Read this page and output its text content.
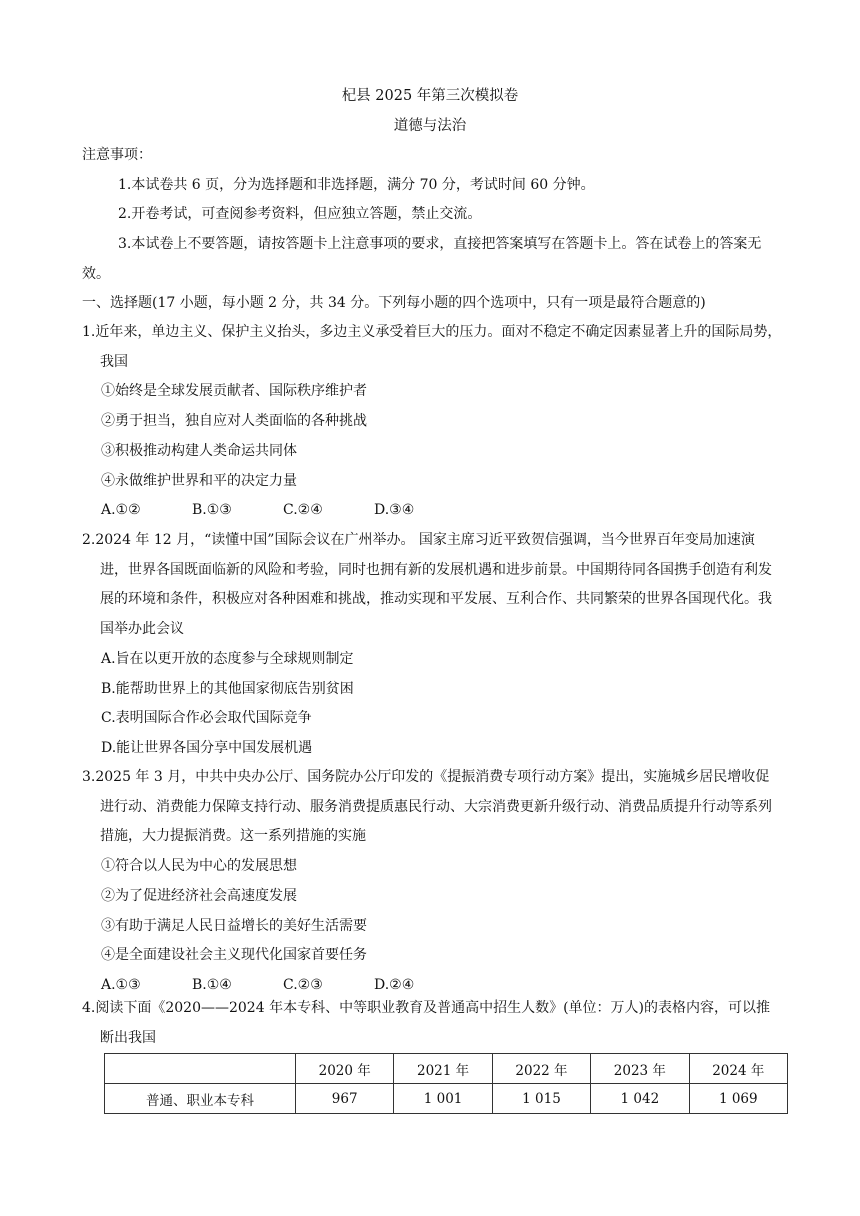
杞县 2025 年第三次模拟卷
道德与法治

注意事项：

1.本试卷共 6 页，分为选择题和非选择题，满分 70 分，考试时间 60 分钟。

2.开卷考试，可查阅参考资料，但应独立答题，禁止交流。

3.本试卷上不要答题，请按答题卡上注意事项的要求，直接把答案填写在答题卡上。答在试卷上的答案无效。

一、选择题(17 小题，每小题 2 分，共 34 分。下列每小题的四个选项中，只有一项是最符合题意的)

1.近年来，单边主义、保护主义抬头，多边主义承受着巨大的压力。面对不稳定不确定因素显著上升的国际局势，我国

①始终是全球发展贡献者、国际秩序维护者

②勇于担当，独自应对人类面临的各种挑战

③积极推动构建人类命运共同体

④永做维护世界和平的决定力量

A.①②	B.①③	C.②④	D.③④

2.2024 年 12 月，“读懂中国”国际会议在广州举办。 国家主席习近平致贺信强调，当今世界百年变局加速演进，世界各国既面临新的风险和考验，同时也拥有新的发展机遇和进步前景。中国期待同各国携手创造有利发展的环境和条件，积极应对各种困难和挑战，推动实现和平发展、互利合作、共同繁荣的世界各国现代化。我国举办此会议

A.旨在以更开放的态度参与全球规则制定

B.能帮助世界上的其他国家彻底告别贫困

C.表明国际合作必会取代国际竞争

D.能让世界各国分享中国发展机遇

3.2025 年 3 月，中共中央办公厅、国务院办公厅印发的《提振消费专项行动方案》提出，实施城乡居民增收促进行动、消费能力保障支持行动、服务消费提质惠民行动、大宗消费更新升级行动、消费品质提升行动等系列措施，大力提振消费。这一系列措施的实施

①符合以人民为中心的发展思想

②为了促进经济社会高速度发展

③有助于满足人民日益增长的美好生活需要

④是全面建设社会主义现代化国家首要任务

A.①③	B.①④	C.②③	D.②④

4.阅读下面《2020——2024 年本专科、中等职业教育及普通高中招生人数》(单位：万人)的表格内容，可以推断出我国

	2020 年	2021 年	2022 年	2023 年	2024 年
普通、职业本专科	967	1 001	1 015	1 042	1 069
